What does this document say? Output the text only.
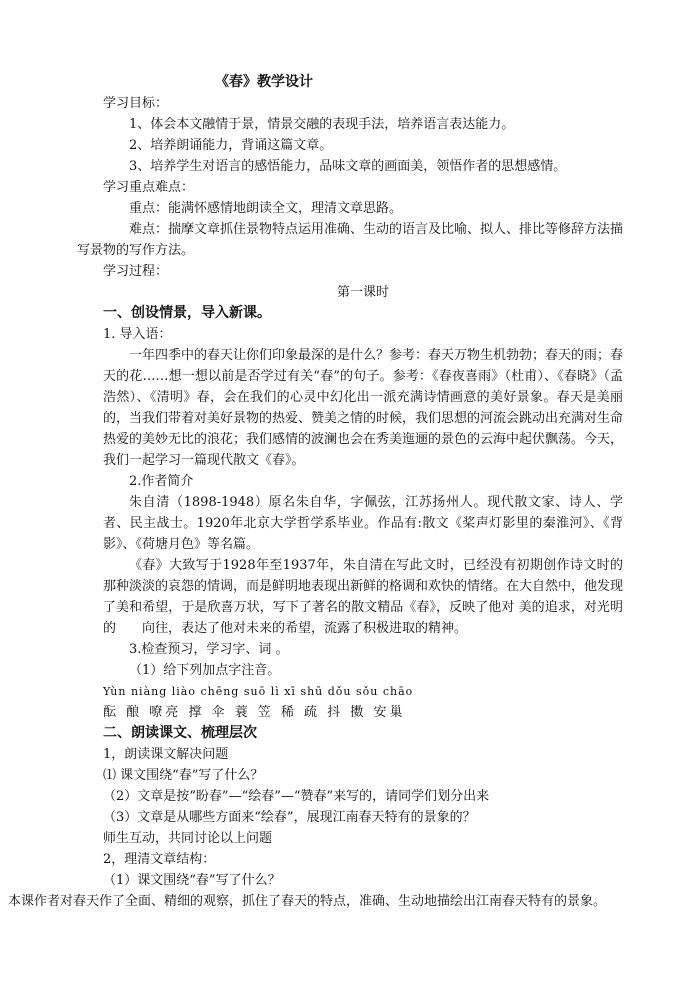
《春》教学设计
学习目标：
1、体会本文融情于景，情景交融的表现手法，培养语言表达能力。
2、培养朗诵能力，背诵这篇文章。
3、培养学生对语言的感悟能力，品味文章的画面美，领悟作者的思想感情。
学习重点难点：
重点：能满怀感情地朗读全文，理清文章思路。
难点：揣摩文章抓住景物特点运用准确、生动的语言及比喻、拟人、排比等修辞方法描写景物的写作方法。
学习过程：
第一课时
一、创设情景，导入新课。
1. 导入语：
一年四季中的春天让你们印象最深的是什么？参考：春天万物生机勃勃；春天的雨；春天的花……想一想以前是否学过有关“春”的句子。参考：《春夜喜雨》（杜甫）、《春晓》（孟浩然）、《清明》春，会在我们的心灵中幻化出一派充满诗情画意的美好景象。春天是美丽的，当我们带着对美好景物的热爱、赞美之情的时候，我们思想的河流会跳动出充满对生命热爱的美妙无比的浪花；我们感情的波澜也会在秀美迤逦的景色的云海中起伏飘荡。今天，我们一起学习一篇现代散文《春》。
2.作者简介
朱自清（1898-1948）原名朱自华，字佩弦，江苏扬州人。现代散文家、诗人、学者、民主战士。1920年北京大学哲学系毕业。作品有:散文《桨声灯影里的秦淮河》、《背影》、《荷塘月色》等名篇。
《春》大致写于1928年至1937年，朱自清在写此文时，已经没有初期创作诗文时的那种淡淡的哀怨的情调，而是鲜明地表现出新鲜的格调和欢快的情绪。在大自然中，他发现了美和希望，于是欣喜万状，写下了著名的散文精品《春》，反映了他对 美的追求，对光明的　　向往，表达了他对未来的希望，流露了积极进取的精神。
3.检查预习，学习字、词 。
（1）给下列加点字注音。
Yùn niàng liào chēng suō lì xī shū dǒu sǒu chāo
酝 酿 嘹亮 撑 伞 蓑 笠 稀 疏 抖 擞 安巢
二、朗读课文、梳理层次
1，朗读课文解决问题
⑴ 课文围绕“春”写了什么？
（2）文章是按“盼春”—“绘春”—“赞春”来写的，请同学们划分出来
（3）文章是从哪些方面来“绘春”，展现江南春天特有的景象的？
师生互动，共同讨论以上问题
2，理清文章结构：
（1）课文围绕“春”写了什么？
本课作者对春天作了全面、精细的观察，抓住了春天的特点，准确、生动地描绘出江南春天特有的景象。
